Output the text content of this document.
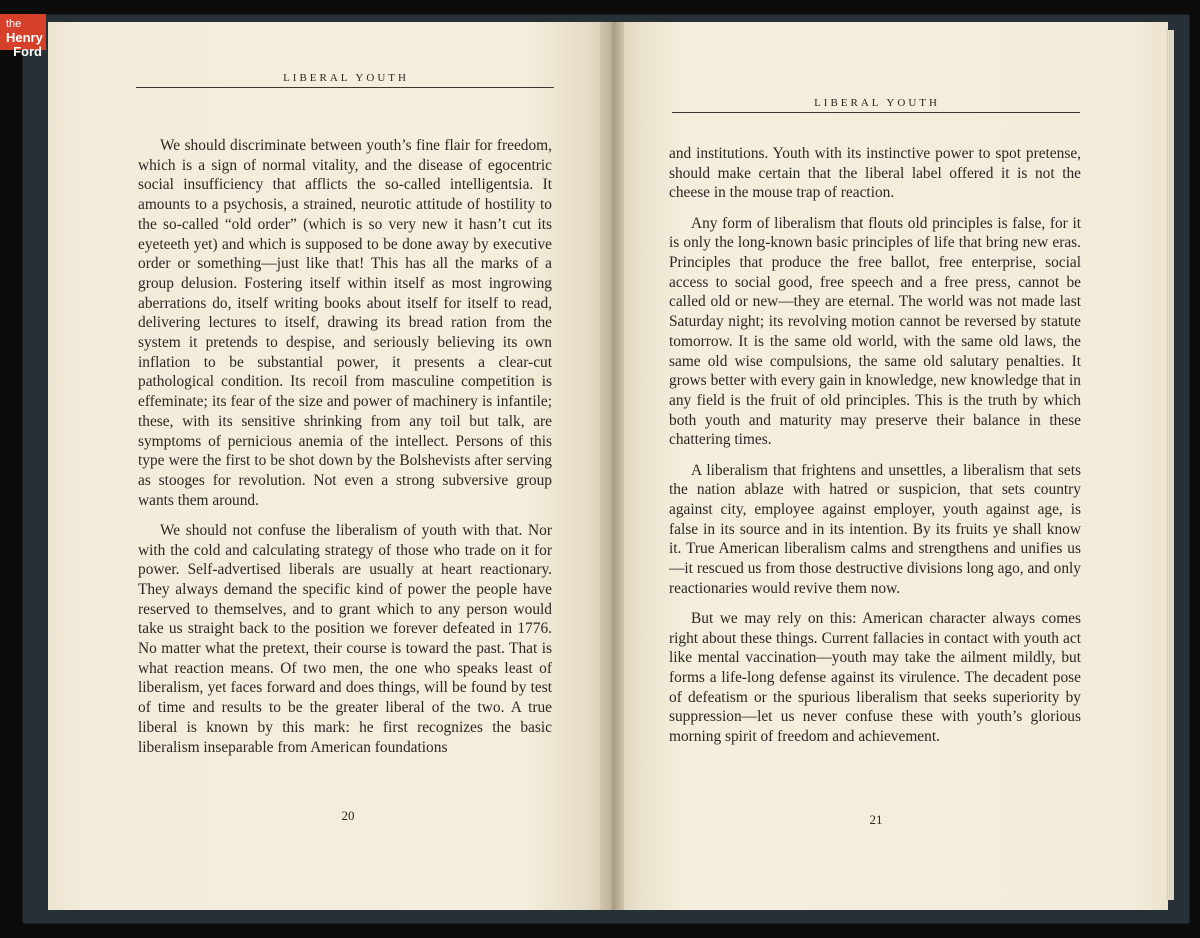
the
Henry
Ford
LIBERAL YOUTH

We should discriminate between youth’s fine flair for freedom, which is a sign of normal vitality, and the disease of egocentric social insufficiency that afflicts the so-called intelligentsia. It amounts to a psychosis, a strained, neurotic attitude of hostility to the so-called “old order” (which is so very new it hasn’t cut its eyeteeth yet) and which is supposed to be done away by executive order or something—just like that! This has all the marks of a group delusion. Fostering itself within itself as most ingrowing aberrations do, itself writing books about itself for itself to read, delivering lectures to itself, drawing its bread ration from the system it pretends to despise, and seriously believing its own inflation to be substantial power, it presents a clear-cut pathological condition. Its recoil from masculine competition is effeminate; its fear of the size and power of machinery is infantile; these, with its sensitive shrinking from any toil but talk, are symptoms of pernicious anemia of the intellect. Persons of this type were the first to be shot down by the Bolshevists after serving as stooges for revolution. Not even a strong subversive group wants them around.

We should not confuse the liberalism of youth with that. Nor with the cold and calculating strategy of those who trade on it for power. Self-advertised liberals are usually at heart reactionary. They always demand the specific kind of power the people have reserved to themselves, and to grant which to any person would take us straight back to the position we forever defeated in 1776. No matter what the pretext, their course is toward the past. That is what reaction means. Of two men, the one who speaks least of liberalism, yet faces forward and does things, will be found by test of time and results to be the greater liberal of the two. A true liberal is known by this mark: he first recognizes the basic liberalism inseparable from American foundations

20
LIBERAL YOUTH

and institutions. Youth with its instinctive power to spot pretense, should make certain that the liberal label offered it is not the cheese in the mouse trap of reaction.

Any form of liberalism that flouts old principles is false, for it is only the long-known basic principles of life that bring new eras. Principles that produce the free ballot, free enterprise, social access to social good, free speech and a free press, cannot be called old or new—they are eternal. The world was not made last Saturday night; its revolving motion cannot be reversed by statute tomorrow. It is the same old world, with the same old laws, the same old wise compulsions, the same old salutary penalties. It grows better with every gain in knowledge, new knowledge that in any field is the fruit of old principles. This is the truth by which both youth and maturity may preserve their balance in these chattering times.

A liberalism that frightens and unsettles, a liberalism that sets the nation ablaze with hatred or suspicion, that sets country against city, employee against employer, youth against age, is false in its source and in its intention. By its fruits ye shall know it. True American liberalism calms and strengthens and unifies us—it rescued us from those destructive divisions long ago, and only reactionaries would revive them now.

But we may rely on this: American character always comes right about these things. Current fallacies in contact with youth act like mental vaccination—youth may take the ailment mildly, but forms a life-long defense against its virulence. The decadent pose of defeatism or the spurious liberalism that seeks superiority by suppression—let us never confuse these with youth’s glorious morning spirit of freedom and achievement.

21
